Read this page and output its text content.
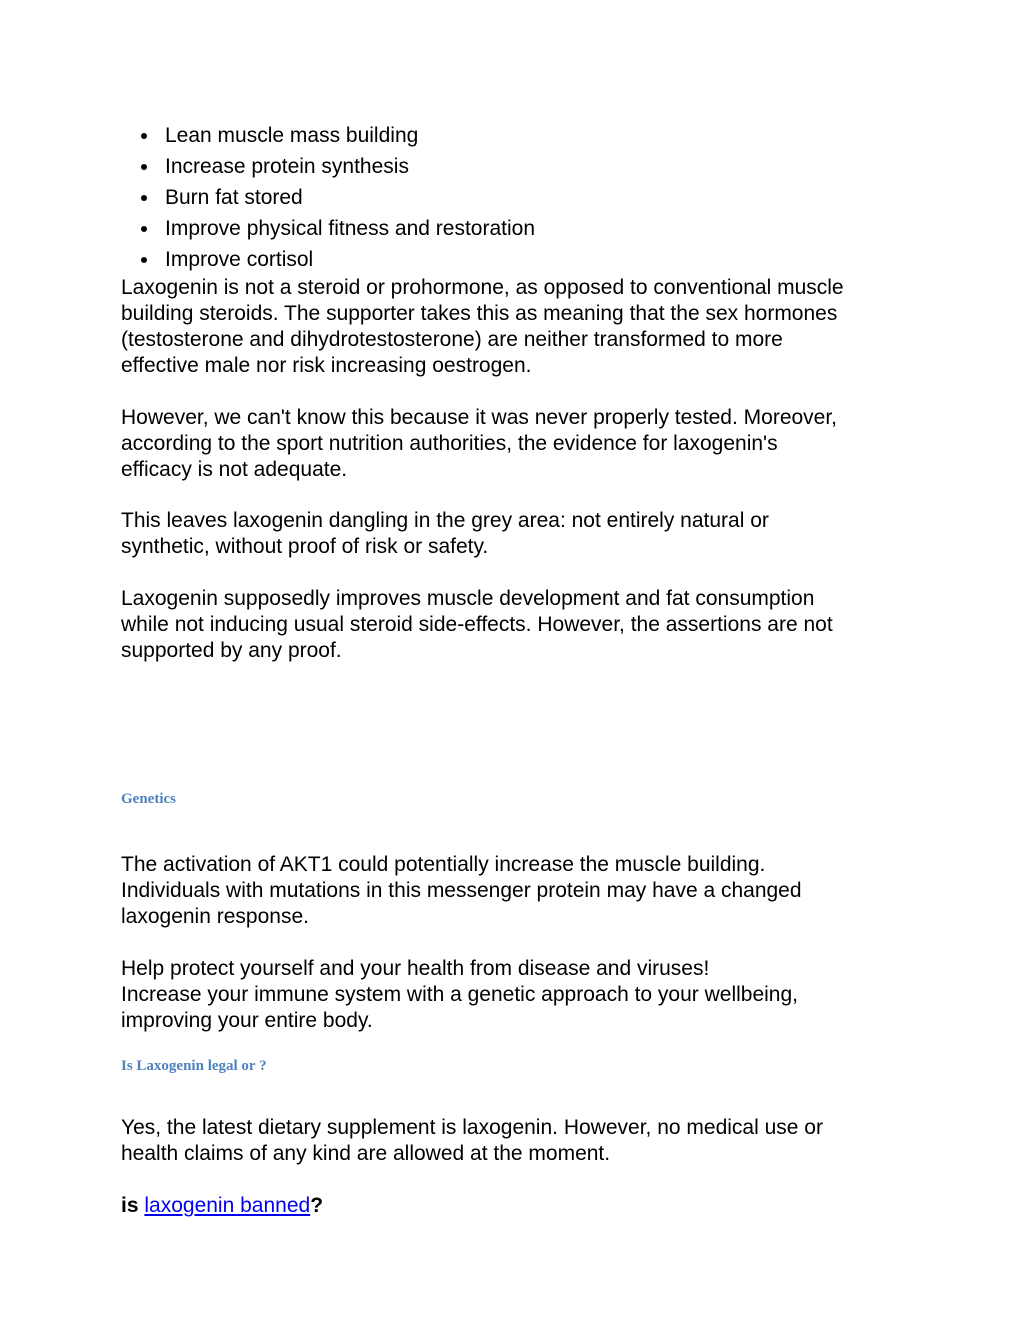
Lean muscle mass building
Increase protein synthesis
Burn fat stored
Improve physical fitness and restoration
Improve cortisol

Laxogenin is not a steroid or prohormone, as opposed to conventional muscle
building steroids. The supporter takes this as meaning that the sex hormones
(testosterone and dihydrotestosterone) are neither transformed to more
effective male nor risk increasing oestrogen.

However, we can't know this because it was never properly tested. Moreover,
according to the sport nutrition authorities, the evidence for laxogenin's
efficacy is not adequate.

This leaves laxogenin dangling in the grey area: not entirely natural or
synthetic, without proof of risk or safety.

Laxogenin supposedly improves muscle development and fat consumption
while not inducing usual steroid side-effects. However, the assertions are not
supported by any proof.

Genetics

The activation of AKT1 could potentially increase the muscle building.
Individuals with mutations in this messenger protein may have a changed
laxogenin response.

Help protect yourself and your health from disease and viruses!
Increase your immune system with a genetic approach to your wellbeing,
improving your entire body.

Is Laxogenin legal or ?

Yes, the latest dietary supplement is laxogenin. However, no medical use or
health claims of any kind are allowed at the moment.

is laxogenin banned?
